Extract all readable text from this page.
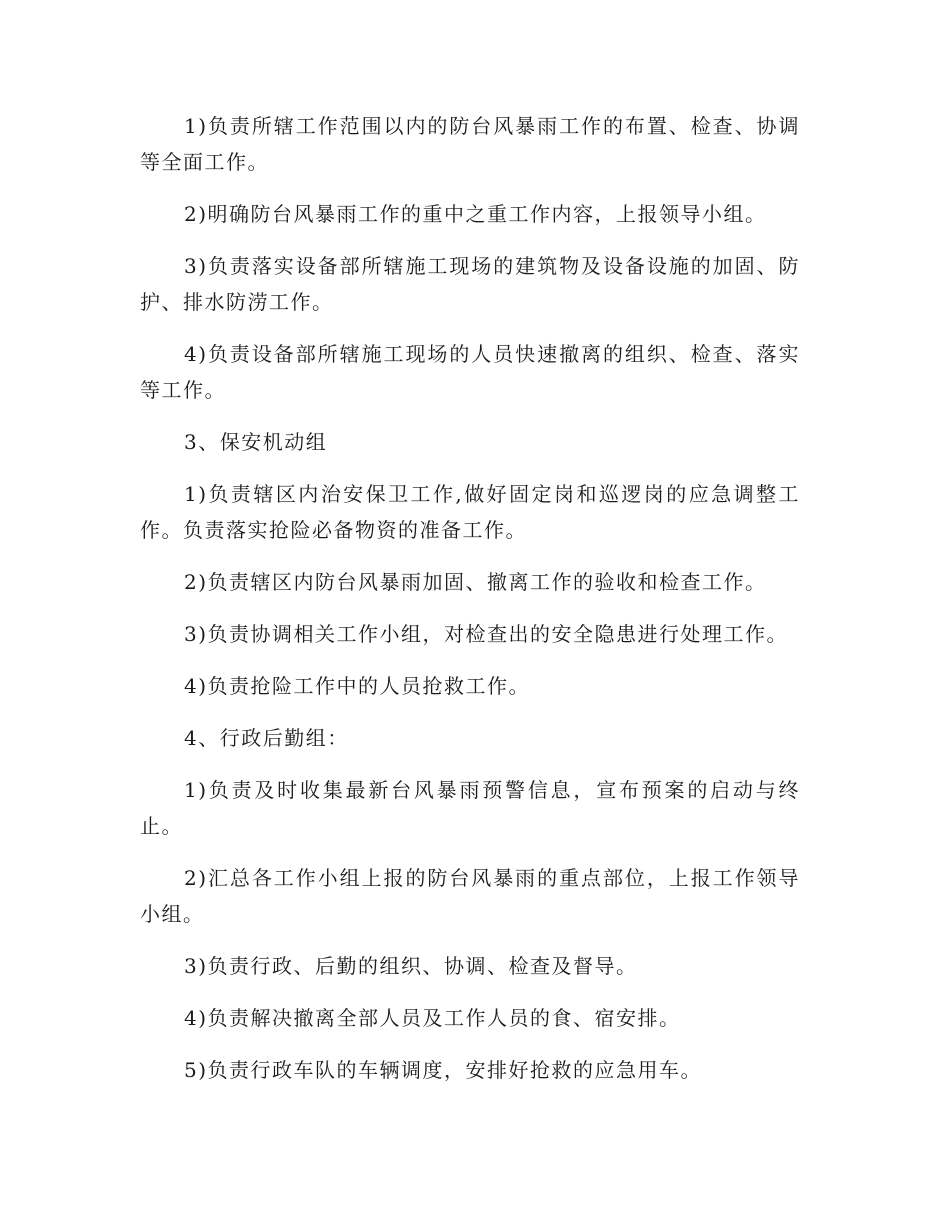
1)负责所辖工作范围以内的防台风暴雨工作的布置、检查、协调等全面工作。

2)明确防台风暴雨工作的重中之重工作内容，上报领导小组。

3)负责落实设备部所辖施工现场的建筑物及设备设施的加固、防护、排水防涝工作。

4)负责设备部所辖施工现场的人员快速撤离的组织、检查、落实等工作。

3、保安机动组

1)负责辖区内治安保卫工作,做好固定岗和巡逻岗的应急调整工作。负责落实抢险必备物资的准备工作。

2)负责辖区内防台风暴雨加固、撤离工作的验收和检查工作。

3)负责协调相关工作小组，对检查出的安全隐患进行处理工作。

4)负责抢险工作中的人员抢救工作。

4、行政后勤组：

1)负责及时收集最新台风暴雨预警信息，宣布预案的启动与终止。

2)汇总各工作小组上报的防台风暴雨的重点部位，上报工作领导小组。

3)负责行政、后勤的组织、协调、检查及督导。

4)负责解决撤离全部人员及工作人员的食、宿安排。

5)负责行政车队的车辆调度，安排好抢救的应急用车。
